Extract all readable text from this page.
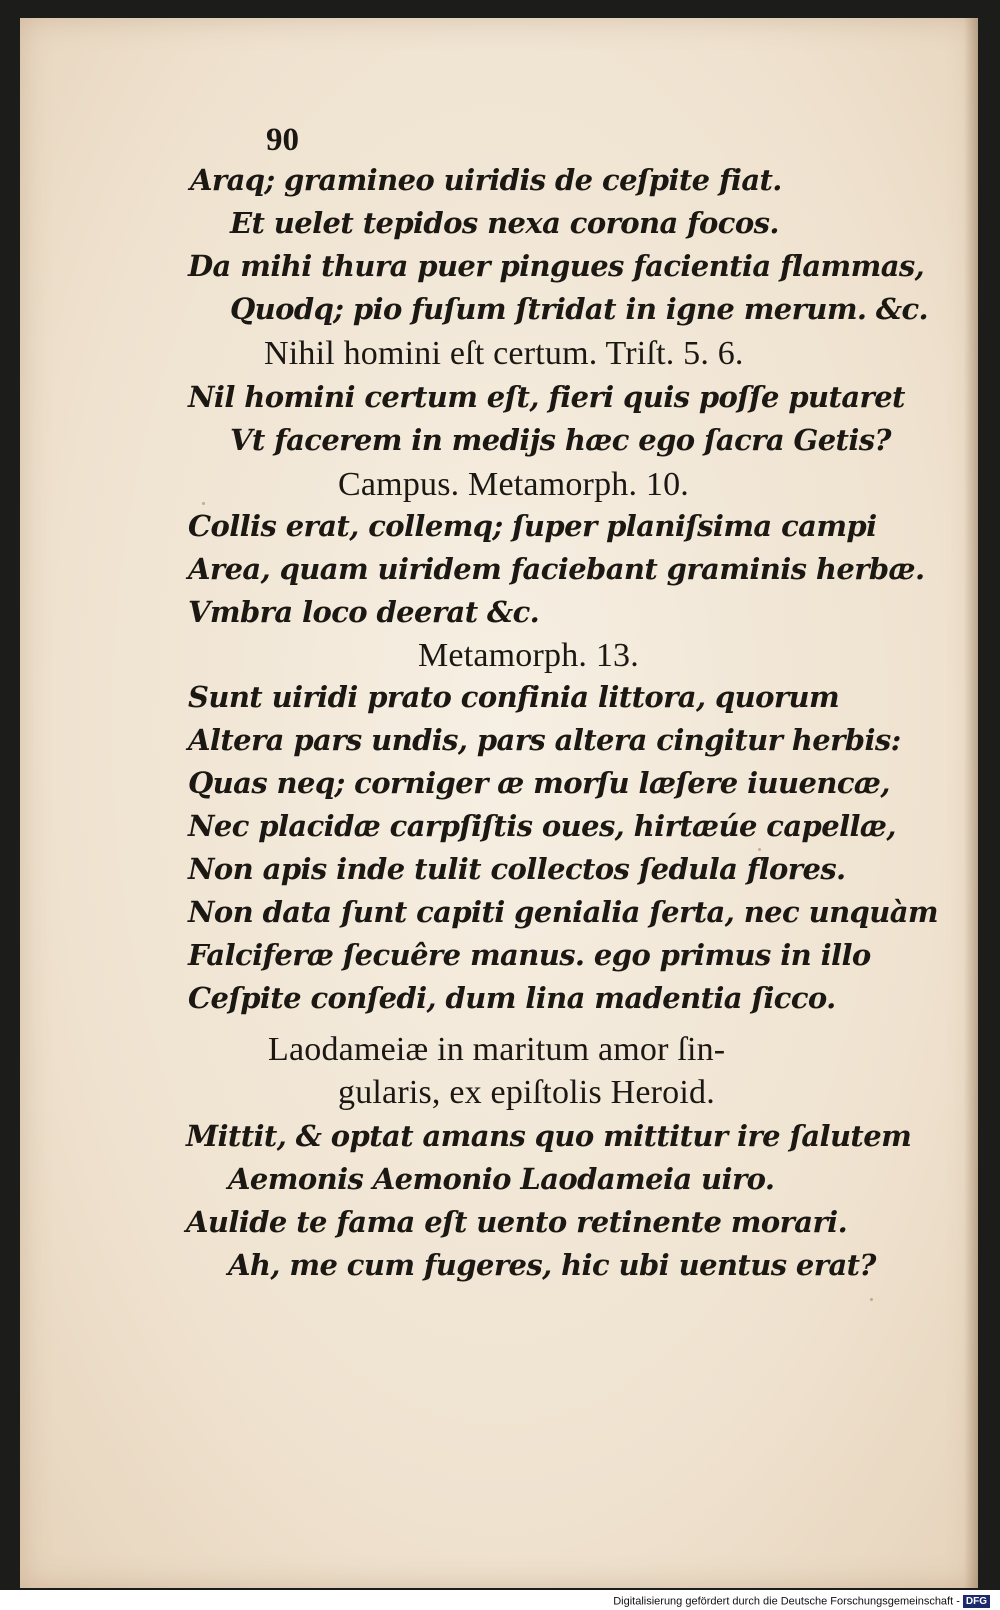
90
Araq; gramineo uiridis de ceſpite fiat.
Et uelet tepidos nexa corona focos.
Da mihi thura puer pingues facientia flammas,
Quodq; pio fuſum ſtridat in igne merum. &c.
Nihil homini eſt certum. Triſt. 5. 6.
Nil homini certum eſt, fieri quis poſſe putaret
Vt facerem in medijs hæc ego ſacra Getis?
Campus. Metamorph. 10.
Collis erat, collemq; ſuper planiſsima campi
Area, quam uiridem faciebant graminis herbæ.
Vmbra loco deerat &c.
Metamorph. 13.
Sunt uiridi prato confinia littora, quorum
Altera pars undis, pars altera cingitur herbis:
Quas neq; corniger æ morſu læſere iuuencæ,
Nec placidæ carpſiſtis oues, hirtæúe capellæ,
Non apis inde tulit collectos ſedula flores.
Non data ſunt capiti genialia ſerta, nec unquàm
Falciferæ ſecuêre manus. ego primus in illo
Ceſpite conſedi, dum lina madentia ſicco.
Laodameiæ in maritum amor ſin-
gularis, ex epiſtolis Heroid.
Mittit, & optat amans quo mittitur ire ſalutem
Aemonis Aemonio Laodameia uiro.
Aulide te fama eſt uento retinente morari.
Ah, me cum fugeres, hic ubi uentus erat?
Digitalisierung gefördert durch die Deutsche Forschungsgemeinschaft - DFG
